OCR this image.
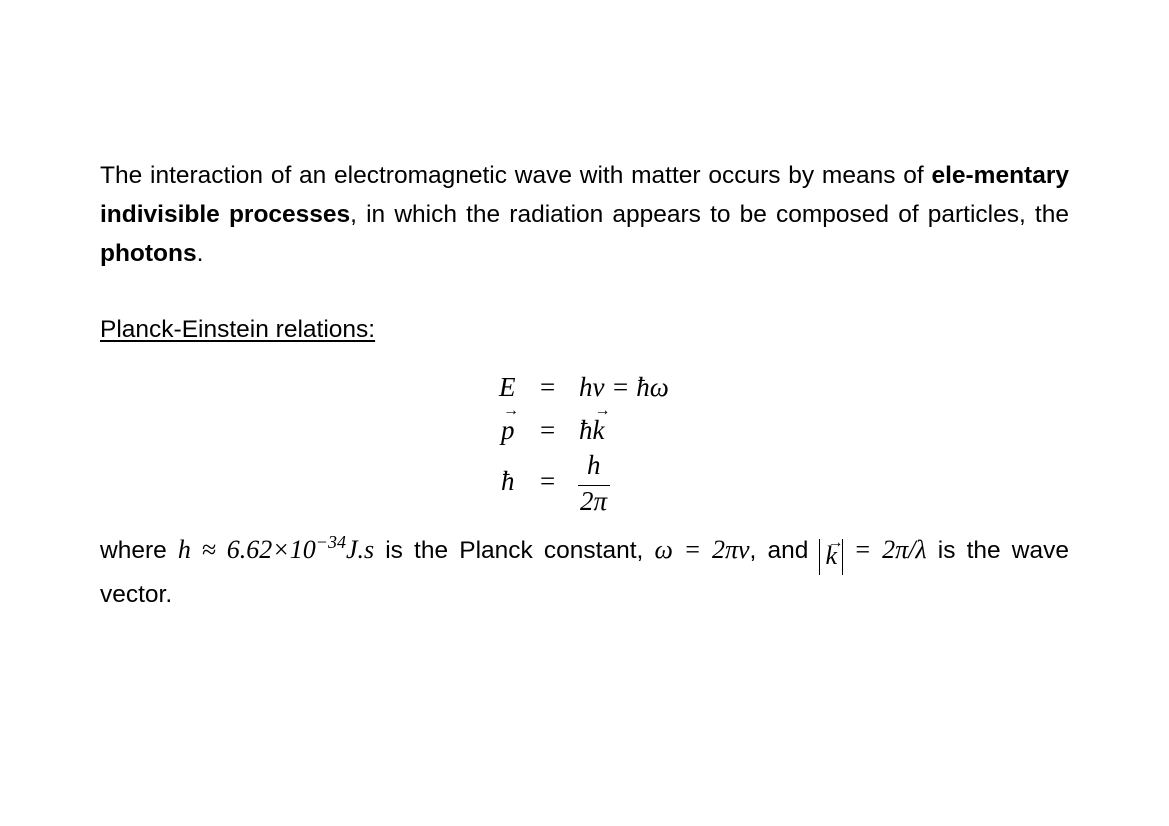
The interaction of an electromagnetic wave with matter occurs by means of ele-mentary indivisible processes, in which the radiation appears to be composed of particles, the photons.
Planck-Einstein relations:
E = hν = ħω
→ p = ħ→ k
ħ =
h
2π
where $h \approx 6.62\times 10^{-34}J.s$ is the Planck constant, ω = 2πν, and → k = 2π/λ is the wave vector.
